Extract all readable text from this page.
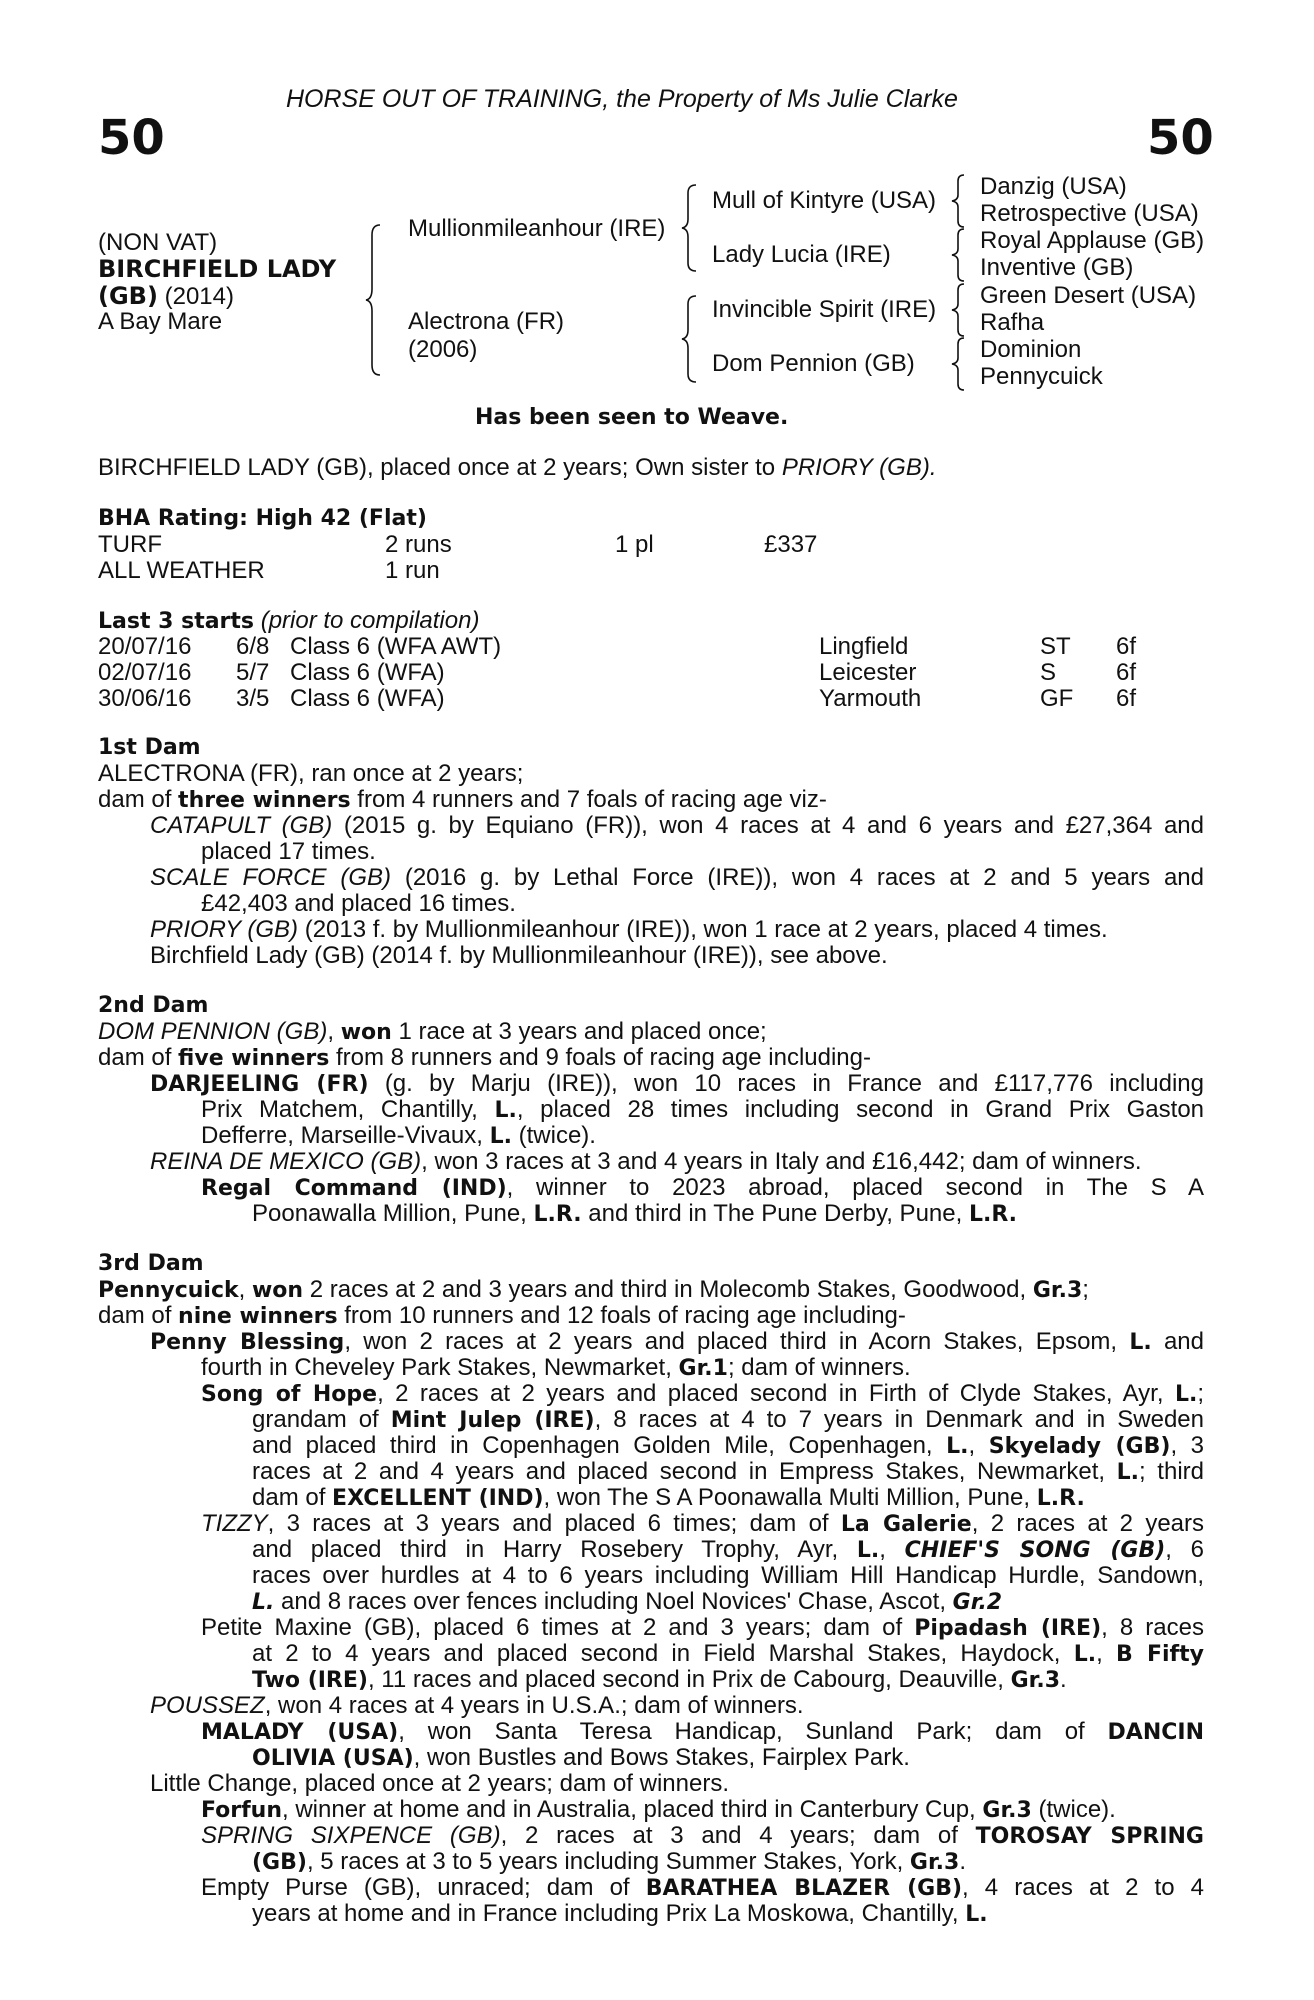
50	50
HORSE OUT OF TRAINING, the Property of Ms Julie Clarke
(NON VAT)
BIRCHFIELD LADY
(GB) (2014)
A Bay Mare
Mullionmileanhour (IRE)
Alectrona (FR)
(2006)
Mull of Kintyre (USA)
Lady Lucia (IRE)
Invincible Spirit (IRE)
Dom Pennion (GB)
Danzig (USA)
Retrospective (USA)
Royal Applause (GB)
Inventive (GB)
Green Desert (USA)
Rafha
Dominion
Pennycuick
Has been seen to Weave.
BIRCHFIELD LADY (GB), placed once at 2 years; Own sister to PRIORY (GB).
BHA Rating: High 42 (Flat)
TURF	2 runs	1 pl	£337
ALL WEATHER	1 run
Last 3 starts (prior to compilation)
20/07/16 6/8 Class 6 (WFA AWT)	Lingfield	ST 6f
02/07/16 5/7 Class 6 (WFA)	Leicester	S 6f
30/06/16 3/5 Class 6 (WFA)	Yarmouth	GF 6f
1st Dam
ALECTRONA (FR), ran once at 2 years;
dam of three winners from 4 runners and 7 foals of racing age viz-
CATAPULT (GB) (2015 g. by Equiano (FR)), won 4 races at 4 and 6 years and £27,364 and
placed 17 times.
SCALE FORCE (GB) (2016 g. by Lethal Force (IRE)), won 4 races at 2 and 5 years and
£42,403 and placed 16 times.
PRIORY (GB) (2013 f. by Mullionmileanhour (IRE)), won 1 race at 2 years, placed 4 times.
Birchfield Lady (GB) (2014 f. by Mullionmileanhour (IRE)), see above.
2nd Dam
DOM PENNION (GB), won 1 race at 3 years and placed once;
dam of five winners from 8 runners and 9 foals of racing age including-
DARJEELING (FR) (g. by Marju (IRE)), won 10 races in France and £117,776 including
Prix Matchem, Chantilly, L., placed 28 times including second in Grand Prix Gaston
Defferre, Marseille-Vivaux, L. (twice).
REINA DE MEXICO (GB), won 3 races at 3 and 4 years in Italy and £16,442; dam of winners.
Regal Command (IND), winner to 2023 abroad, placed second in The S A
Poonawalla Million, Pune, L.R. and third in The Pune Derby, Pune, L.R.
3rd Dam
Pennycuick, won 2 races at 2 and 3 years and third in Molecomb Stakes, Goodwood, Gr.3;
dam of nine winners from 10 runners and 12 foals of racing age including-
Penny Blessing, won 2 races at 2 years and placed third in Acorn Stakes, Epsom, L. and
fourth in Cheveley Park Stakes, Newmarket, Gr.1; dam of winners.
Song of Hope, 2 races at 2 years and placed second in Firth of Clyde Stakes, Ayr, L.;
grandam of Mint Julep (IRE), 8 races at 4 to 7 years in Denmark and in Sweden
and placed third in Copenhagen Golden Mile, Copenhagen, L., Skyelady (GB), 3
races at 2 and 4 years and placed second in Empress Stakes, Newmarket, L.; third
dam of EXCELLENT (IND), won The S A Poonawalla Multi Million, Pune, L.R.
TIZZY, 3 races at 3 years and placed 6 times; dam of La Galerie, 2 races at 2 years
and placed third in Harry Rosebery Trophy, Ayr, L., CHIEF'S SONG (GB), 6
races over hurdles at 4 to 6 years including William Hill Handicap Hurdle, Sandown,
L. and 8 races over fences including Noel Novices' Chase, Ascot, Gr.2
Petite Maxine (GB), placed 6 times at 2 and 3 years; dam of Pipadash (IRE), 8 races
at 2 to 4 years and placed second in Field Marshal Stakes, Haydock, L., B Fifty
Two (IRE), 11 races and placed second in Prix de Cabourg, Deauville, Gr.3.
POUSSEZ, won 4 races at 4 years in U.S.A.; dam of winners.
MALADY (USA), won Santa Teresa Handicap, Sunland Park; dam of DANCIN
OLIVIA (USA), won Bustles and Bows Stakes, Fairplex Park.
Little Change, placed once at 2 years; dam of winners.
Forfun, winner at home and in Australia, placed third in Canterbury Cup, Gr.3 (twice).
SPRING SIXPENCE (GB), 2 races at 3 and 4 years; dam of TOROSAY SPRING
(GB), 5 races at 3 to 5 years including Summer Stakes, York, Gr.3.
Empty Purse (GB), unraced; dam of BARATHEA BLAZER (GB), 4 races at 2 to 4
years at home and in France including Prix La Moskowa, Chantilly, L.
